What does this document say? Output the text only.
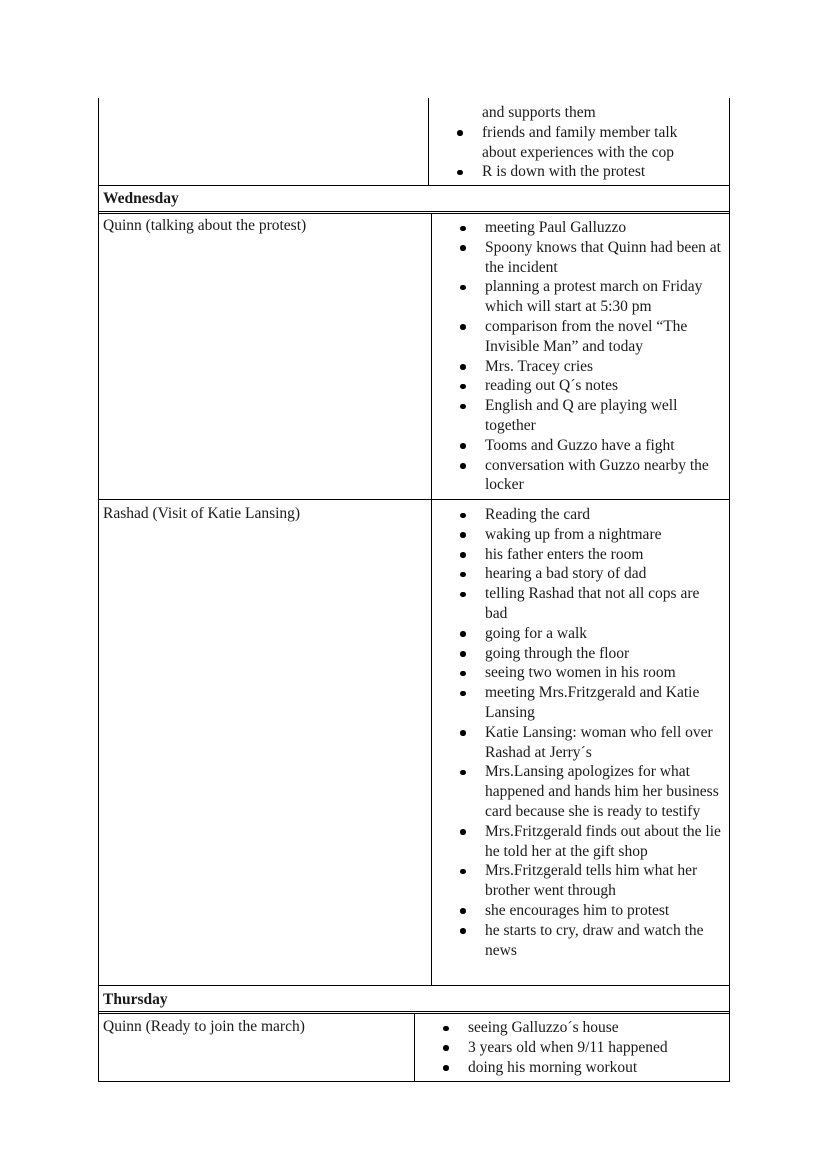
and supports them
friends and family member talk about experiences with the cop
R is down with the protest
Wednesday
Quinn (talking about the protest)	meeting Paul Galluzzo
Spoony knows that Quinn had been at the incident
planning a protest march on Friday which will start at 5:30 pm
comparison from the novel “The Invisible Man” and today
Mrs. Tracey cries
reading out Q´s notes
English and Q are playing well together
Tooms and Guzzo have a fight
conversation with Guzzo nearby the locker
Rashad (Visit of Katie Lansing)	Reading the card
waking up from a nightmare
his father enters the room
hearing a bad story of dad
telling Rashad that not all cops are bad
going for a walk
going through the floor
seeing two women in his room
meeting Mrs.Fritzgerald and Katie Lansing
Katie Lansing: woman who fell over Rashad at Jerry´s
Mrs.Lansing apologizes for what happened and hands him her business card because she is ready to testify
Mrs.Fritzgerald finds out about the lie he told her at the gift shop
Mrs.Fritzgerald tells him what her brother went through
she encourages him to protest
he starts to cry, draw and watch the news
Thursday
Quinn (Ready to join the march)	seeing Galluzzo´s house
3 years old when 9/11 happened
doing his morning workout
